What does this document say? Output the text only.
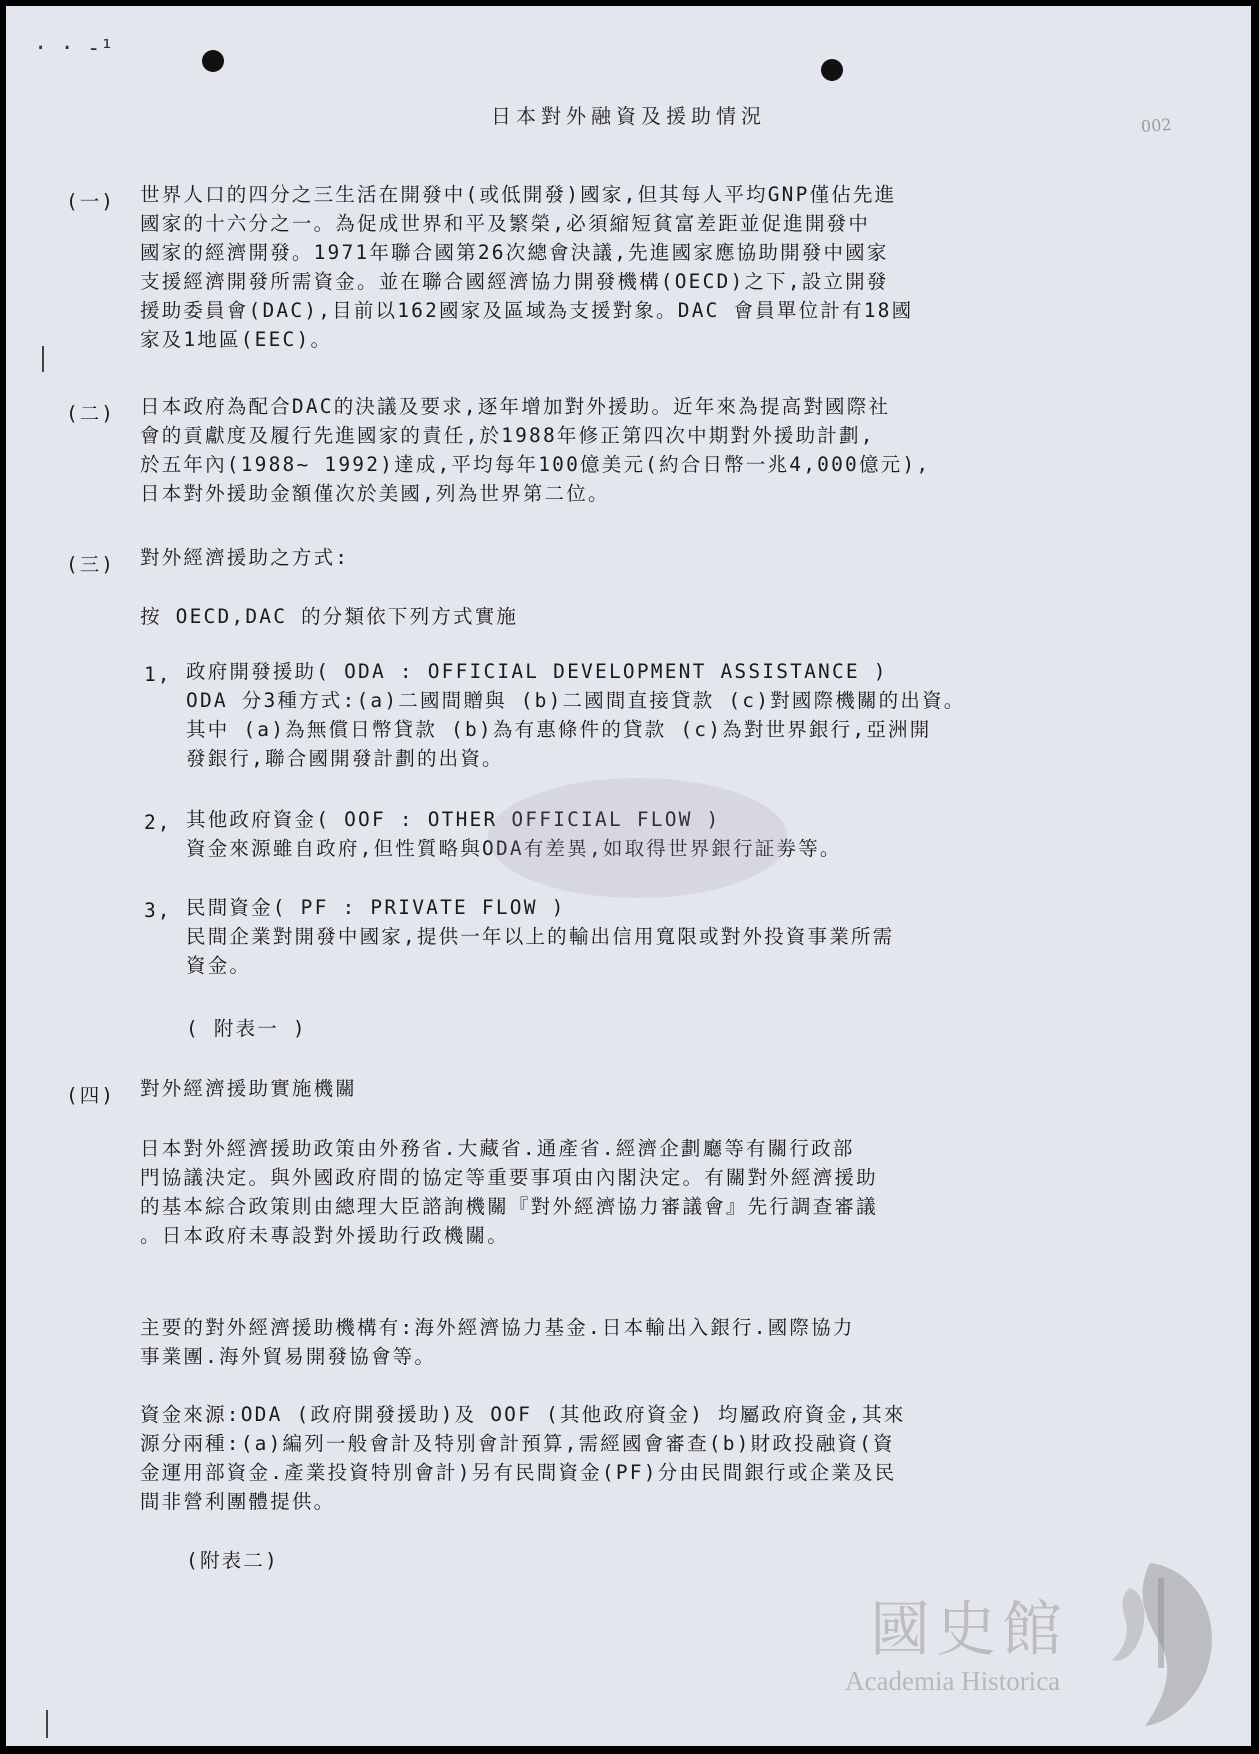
· · -¹
002
日本對外融資及援助情況
(一) 世界人口的四分之三生活在開發中(或低開發)國家,但其每人平均GNP僅佔先進
國家的十六分之一。為促成世界和平及繁榮,必須縮短貧富差距並促進開發中
國家的經濟開發。1971年聯合國第26次總會決議,先進國家應協助開發中國家
支援經濟開發所需資金。並在聯合國經濟協力開發機構(OECD)之下,設立開發
援助委員會(DAC),目前以162國家及區域為支援對象。DAC 會員單位計有18國
家及1地區(EEC)。
(二) 日本政府為配合DAC的決議及要求,逐年增加對外援助。近年來為提高對國際社
會的貢獻度及履行先進國家的責任,於1988年修正第四次中期對外援助計劃,
於五年內(1988~ 1992)達成,平均每年100億美元(約合日幣一兆4,000億元),
日本對外援助金額僅次於美國,列為世界第二位。
(三) 對外經濟援助之方式:
按 OECD,DAC 的分類依下列方式實施
1, 政府開發援助( ODA : OFFICIAL DEVELOPMENT ASSISTANCE )
ODA 分3種方式:(a)二國間贈與 (b)二國間直接貸款 (c)對國際機關的出資。
其中 (a)為無償日幣貸款 (b)為有惠條件的貸款 (c)為對世界銀行,亞洲開
發銀行,聯合國開發計劃的出資。
2, 其他政府資金( OOF : OTHER OFFICIAL FLOW )
資金來源雖自政府,但性質略與ODA有差異,如取得世界銀行証劵等。
3, 民間資金( PF : PRIVATE FLOW )
民間企業對開發中國家,提供一年以上的輸出信用寬限或對外投資事業所需
資金。
( 附表一 )
(四) 對外經濟援助實施機關
日本對外經濟援助政策由外務省.大藏省.通產省.經濟企劃廳等有關行政部
門協議決定。與外國政府間的協定等重要事項由內閣決定。有關對外經濟援助
的基本綜合政策則由總理大臣諮詢機關『對外經濟協力審議會』先行調查審議
。日本政府未專設對外援助行政機關。
主要的對外經濟援助機構有:海外經濟協力基金.日本輸出入銀行.國際協力
事業團.海外貿易開發協會等。
資金來源:ODA (政府開發援助)及 OOF (其他政府資金) 均屬政府資金,其來
源分兩種:(a)編列一般會計及特別會計預算,需經國會審查(b)財政投融資(資
金運用部資金.產業投資特別會計)另有民間資金(PF)分由民間銀行或企業及民
間非營利團體提供。
(附表二)
國史館
Academia Historica
